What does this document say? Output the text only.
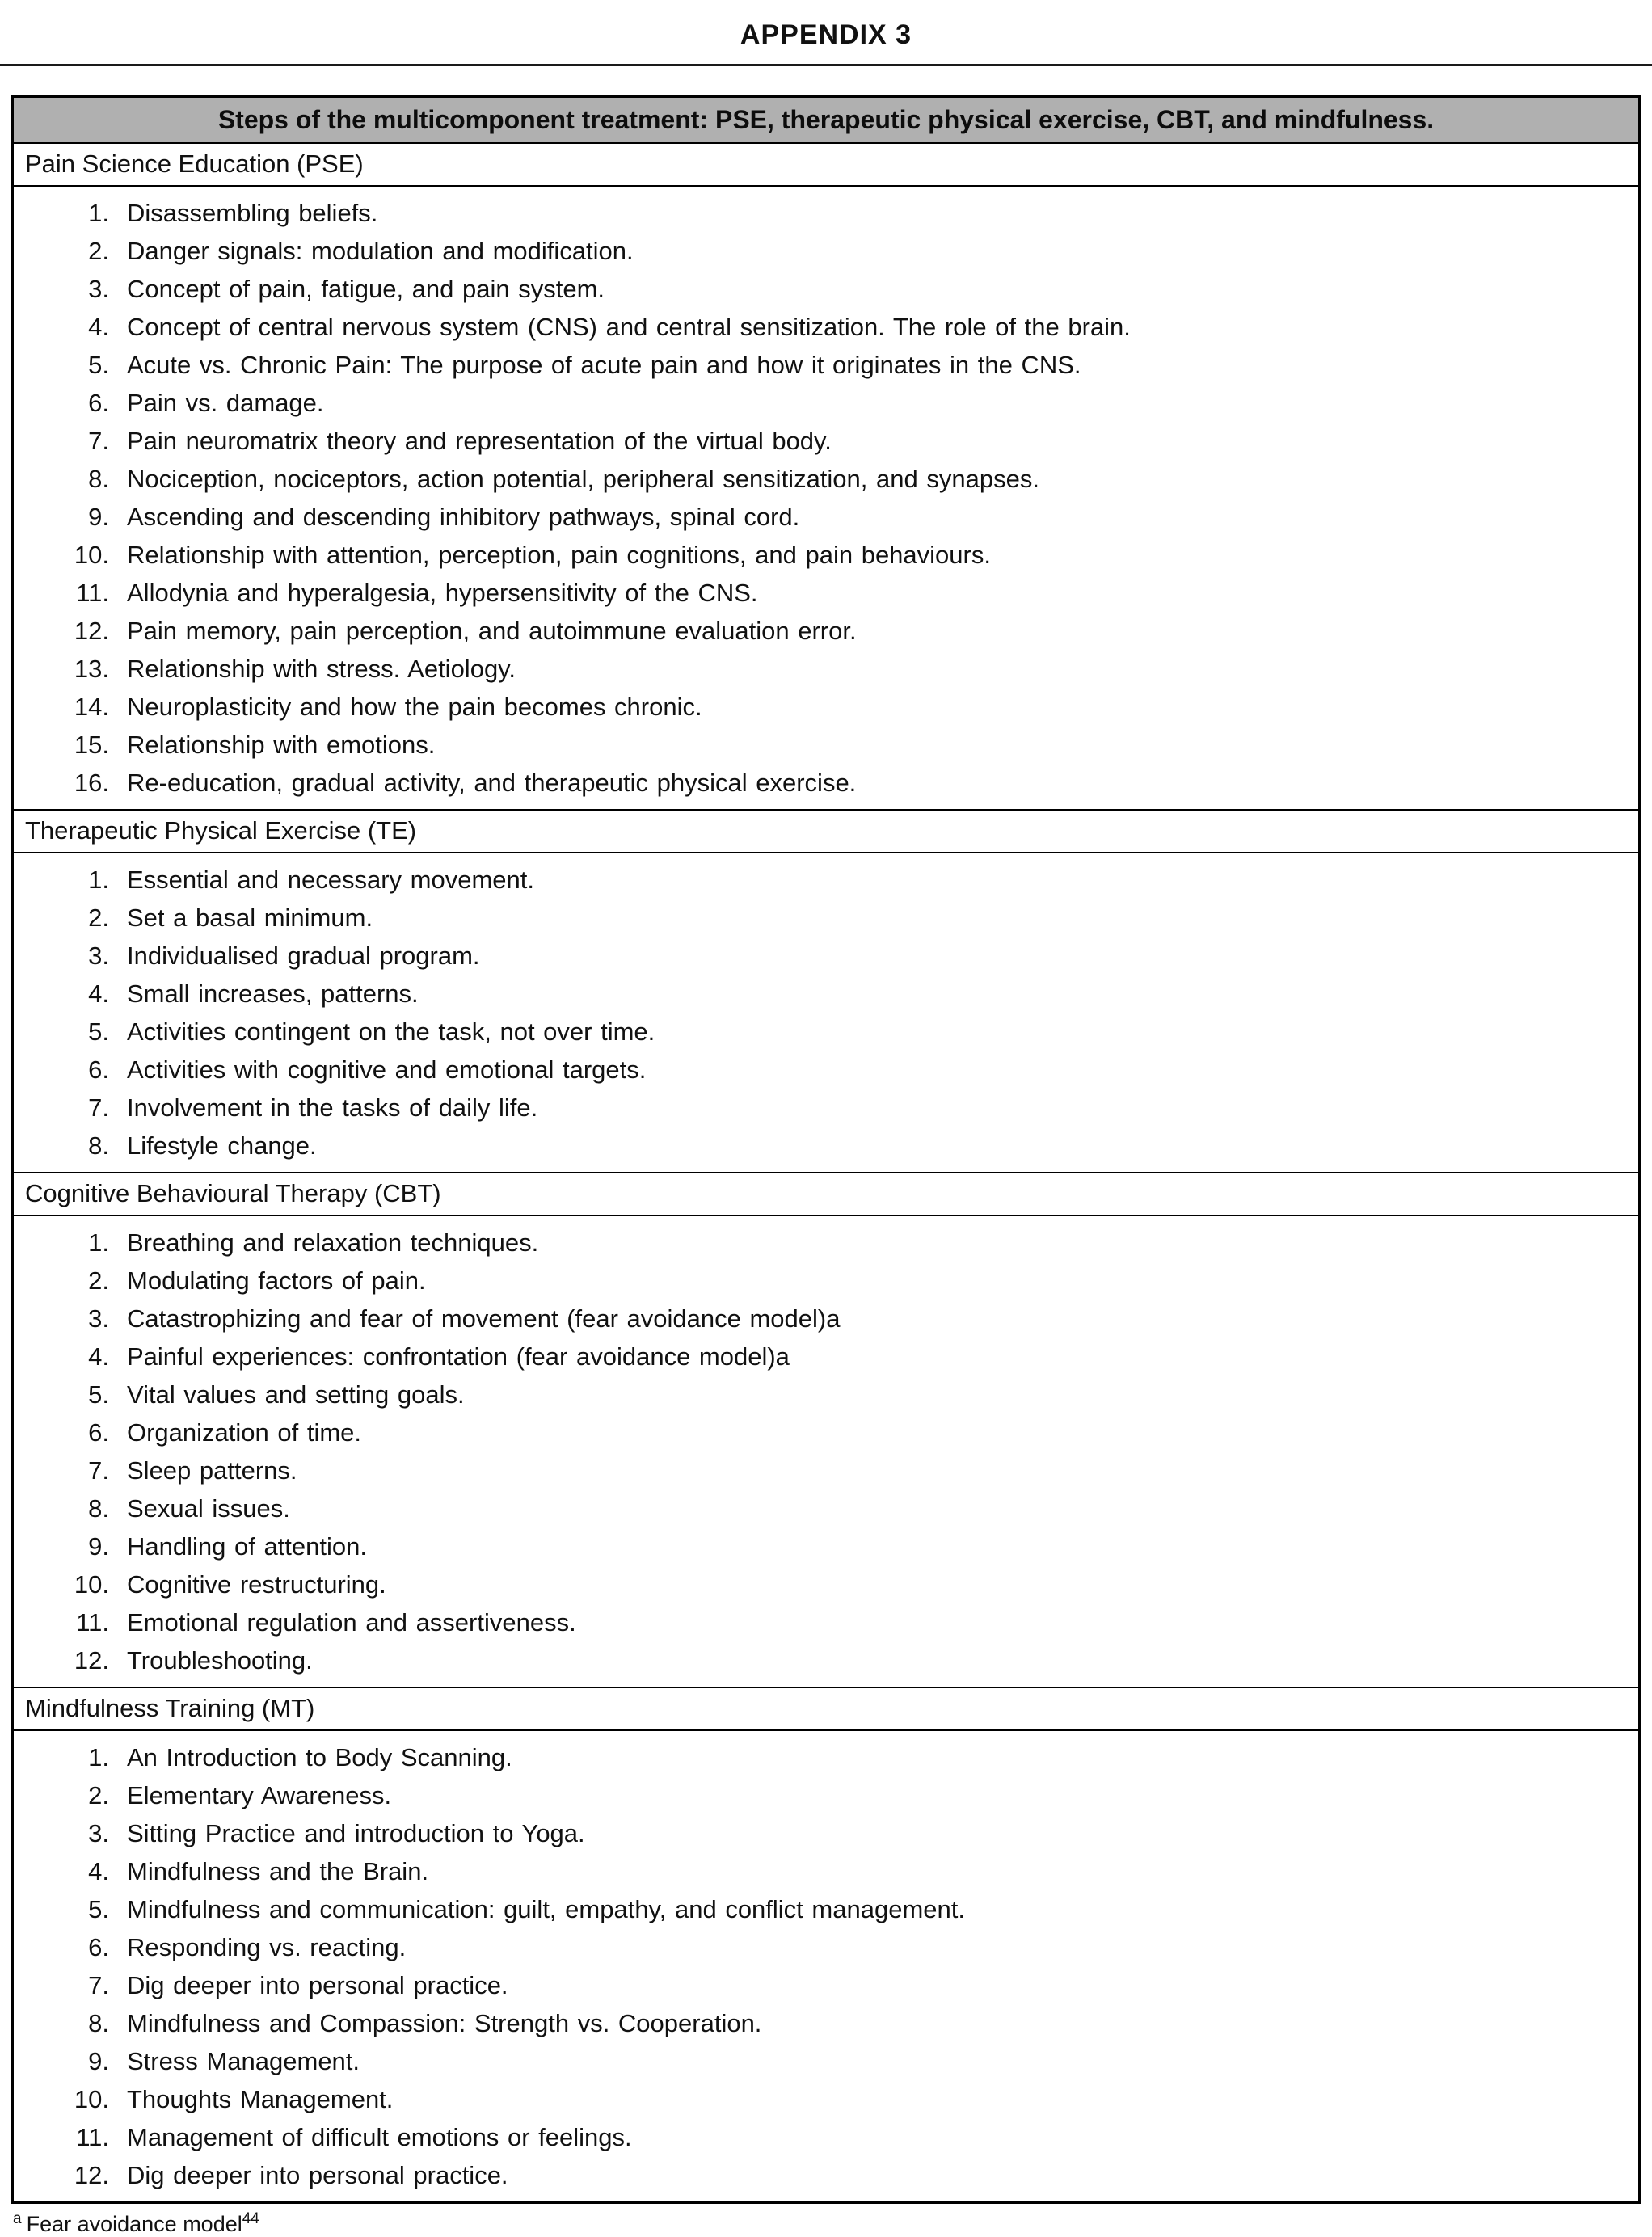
APPENDIX 3
Steps of the multicomponent treatment: PSE, therapeutic physical exercise, CBT, and mindfulness.
Pain Science Education (PSE)
1. Disassembling beliefs.
2. Danger signals: modulation and modification.
3. Concept of pain, fatigue, and pain system.
4. Concept of central nervous system (CNS) and central sensitization. The role of the brain.
5. Acute vs. Chronic Pain: The purpose of acute pain and how it originates in the CNS.
6. Pain vs. damage.
7. Pain neuromatrix theory and representation of the virtual body.
8. Nociception, nociceptors, action potential, peripheral sensitization, and synapses.
9. Ascending and descending inhibitory pathways, spinal cord.
10. Relationship with attention, perception, pain cognitions, and pain behaviours.
11. Allodynia and hyperalgesia, hypersensitivity of the CNS.
12. Pain memory, pain perception, and autoimmune evaluation error.
13. Relationship with stress. Aetiology.
14. Neuroplasticity and how the pain becomes chronic.
15. Relationship with emotions.
16. Re-education, gradual activity, and therapeutic physical exercise.
Therapeutic Physical Exercise (TE)
1. Essential and necessary movement.
2. Set a basal minimum.
3. Individualised gradual program.
4. Small increases, patterns.
5. Activities contingent on the task, not over time.
6. Activities with cognitive and emotional targets.
7. Involvement in the tasks of daily life.
8. Lifestyle change.
Cognitive Behavioural Therapy (CBT)
1. Breathing and relaxation techniques.
2. Modulating factors of pain.
3. Catastrophizing and fear of movement (fear avoidance model)a
4. Painful experiences: confrontation (fear avoidance model)a
5. Vital values and setting goals.
6. Organization of time.
7. Sleep patterns.
8. Sexual issues.
9. Handling of attention.
10. Cognitive restructuring.
11. Emotional regulation and assertiveness.
12. Troubleshooting.
Mindfulness Training (MT)
1. An Introduction to Body Scanning.
2. Elementary Awareness.
3. Sitting Practice and introduction to Yoga.
4. Mindfulness and the Brain.
5. Mindfulness and communication: guilt, empathy, and conflict management.
6. Responding vs. reacting.
7. Dig deeper into personal practice.
8. Mindfulness and Compassion: Strength vs. Cooperation.
9. Stress Management.
10. Thoughts Management.
11. Management of difficult emotions or feelings.
12. Dig deeper into personal practice.
$^a$ Fear avoidance model$^{44}$
